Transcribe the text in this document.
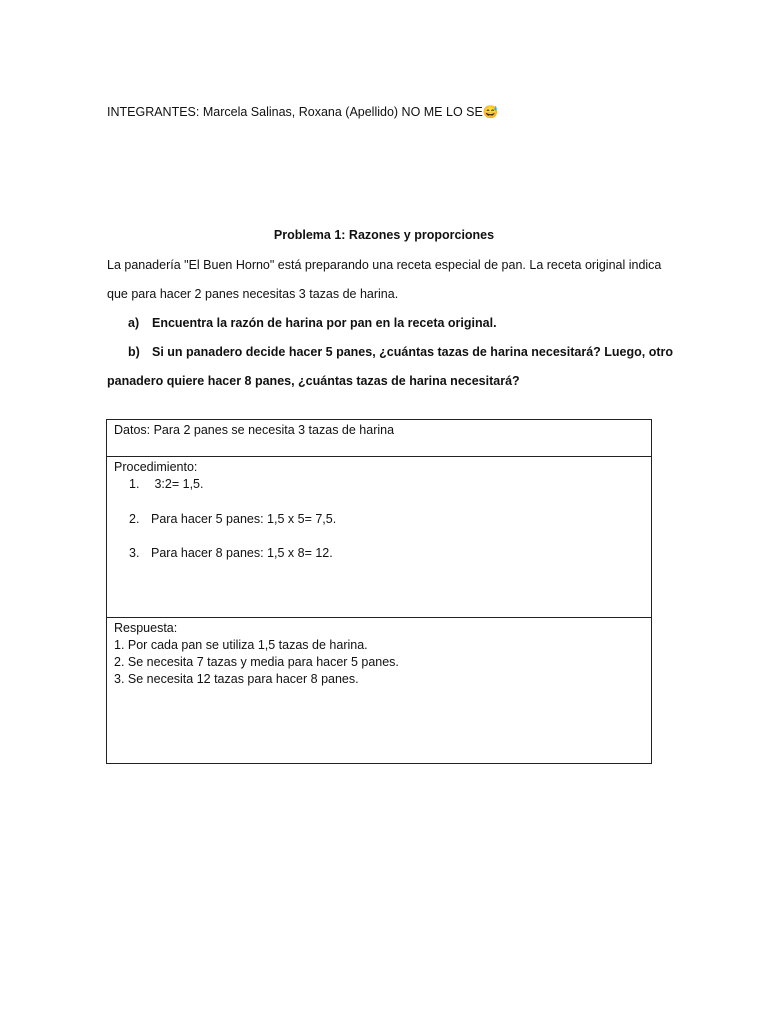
INTEGRANTES: Marcela Salinas, Roxana (Apellido) NO ME LO SE😅
Problema 1: Razones y proporciones
La panadería "El Buen Horno" está preparando una receta especial de pan. La receta original indica
que para hacer 2 panes necesitas 3 tazas de harina.
a) Encuentra la razón de harina por pan en la receta original.
b) Si un panadero decide hacer 5 panes, ¿cuántas tazas de harina necesitará? Luego, otro
panadero quiere hacer 8 panes, ¿cuántas tazas de harina necesitará?
Datos: Para 2 panes se necesita 3 tazas de harina
Procedimiento:
1. 3:2= 1,5.
2. Para hacer 5 panes: 1,5 x 5= 7,5.
3. Para hacer 8 panes: 1,5 x 8= 12.
Respuesta:
1. Por cada pan se utiliza 1,5 tazas de harina.
2. Se necesita 7 tazas y media para hacer 5 panes.
3. Se necesita 12 tazas para hacer 8 panes.
